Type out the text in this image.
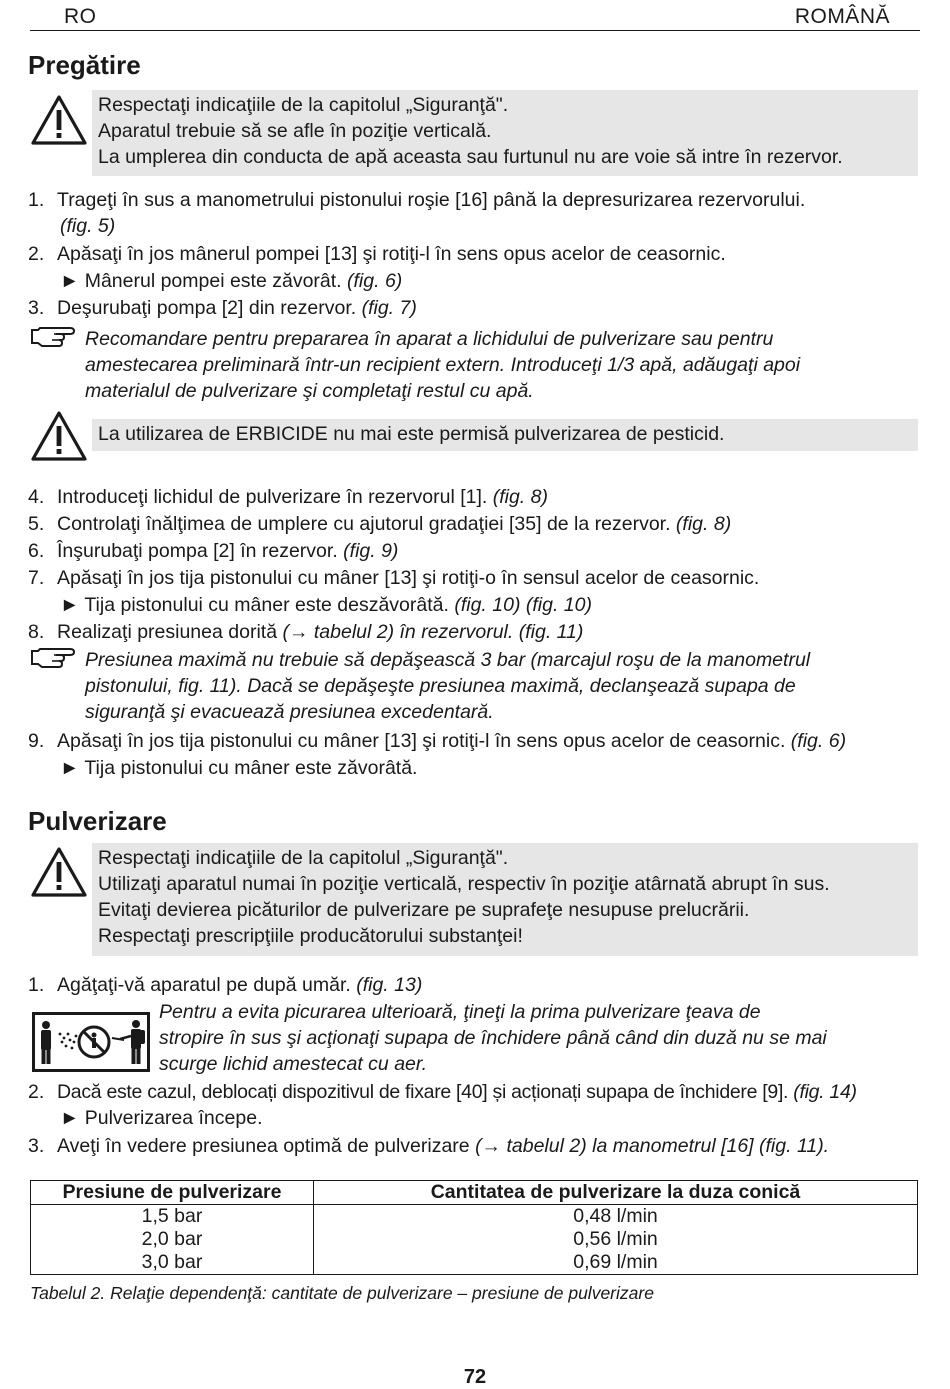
RO	ROMÂNĂ
Pregătire
Respectaţi indicaţiile de la capitolul „Siguranţă".
Aparatul trebuie să se afle în poziţie verticală.
La umplerea din conducta de apă aceasta sau furtunul nu are voie să intre în rezervor.
1. Trageţi în sus a manometrului pistonului roşie [16] până la depresurizarea rezervorului.
(fig. 5)
2. Apăsaţi în jos mânerul pompei [13] şi rotiţi-l în sens opus acelor de ceasornic.
► Mânerul pompei este zăvorât. (fig. 6)
3. Deşurubaţi pompa [2] din rezervor. (fig. 7)
Recomandare pentru prepararea în aparat a lichidului de pulverizare sau pentru
amestecarea preliminară într-un recipient extern. Introduceţi 1/3 apă, adăugaţi apoi
materialul de pulverizare şi completaţi restul cu apă.
La utilizarea de ERBICIDE nu mai este permisă pulverizarea de pesticid.
4. Introduceţi lichidul de pulverizare în rezervorul [1]. (fig. 8)
5. Controlaţi înălţimea de umplere cu ajutorul gradaţiei [35] de la rezervor. (fig. 8)
6. Înşurubaţi pompa [2] în rezervor. (fig. 9)
7. Apăsaţi în jos tija pistonului cu mâner [13] şi rotiţi-o în sensul acelor de ceasornic.
► Tija pistonului cu mâner este deszăvorâtă. (fig. 10) (fig. 10)
8. Realizaţi presiunea dorită (→ tabelul 2) în rezervorul. (fig. 11)
Presiunea maximă nu trebuie să depăşească 3 bar (marcajul roşu de la manometrul
pistonului, fig. 11). Dacă se depăşeşte presiunea maximă, declanşează supapa de
siguranţă şi evacuează presiunea excedentară.
9. Apăsaţi în jos tija pistonului cu mâner [13] şi rotiţi-l în sens opus acelor de ceasornic. (fig. 6)
► Tija pistonului cu mâner este zăvorâtă.
Pulverizare
Respectaţi indicaţiile de la capitolul „Siguranţă".
Utilizaţi aparatul numai în poziţie verticală, respectiv în poziţie atârnată abrupt în sus.
Evitaţi devierea picăturilor de pulverizare pe suprafeţe nesupuse prelucrării.
Respectaţi prescripţiile producătorului substanţei!
1. Agăţaţi-vă aparatul pe după umăr. (fig. 13)
Pentru a evita picurarea ulterioară, ţineţi la prima pulverizare ţeava de
stropire în sus şi acţionaţi supapa de închidere până când din duză nu se mai
scurge lichid amestecat cu aer.
2. Dacă este cazul, deblocați dispozitivul de fixare [40] și acționați supapa de închidere [9]. (fig. 14)
► Pulverizarea începe.
3. Aveţi în vedere presiunea optimă de pulverizare (→ tabelul 2) la manometrul [16] (fig. 11).
Presiune de pulverizare	Cantitatea de pulverizare la duza conică
1,5 bar	0,48 l/min
2,0 bar	0,56 l/min
3,0 bar	0,69 l/min
Tabelul 2. Relaţie dependenţă: cantitate de pulverizare – presiune de pulverizare
72
